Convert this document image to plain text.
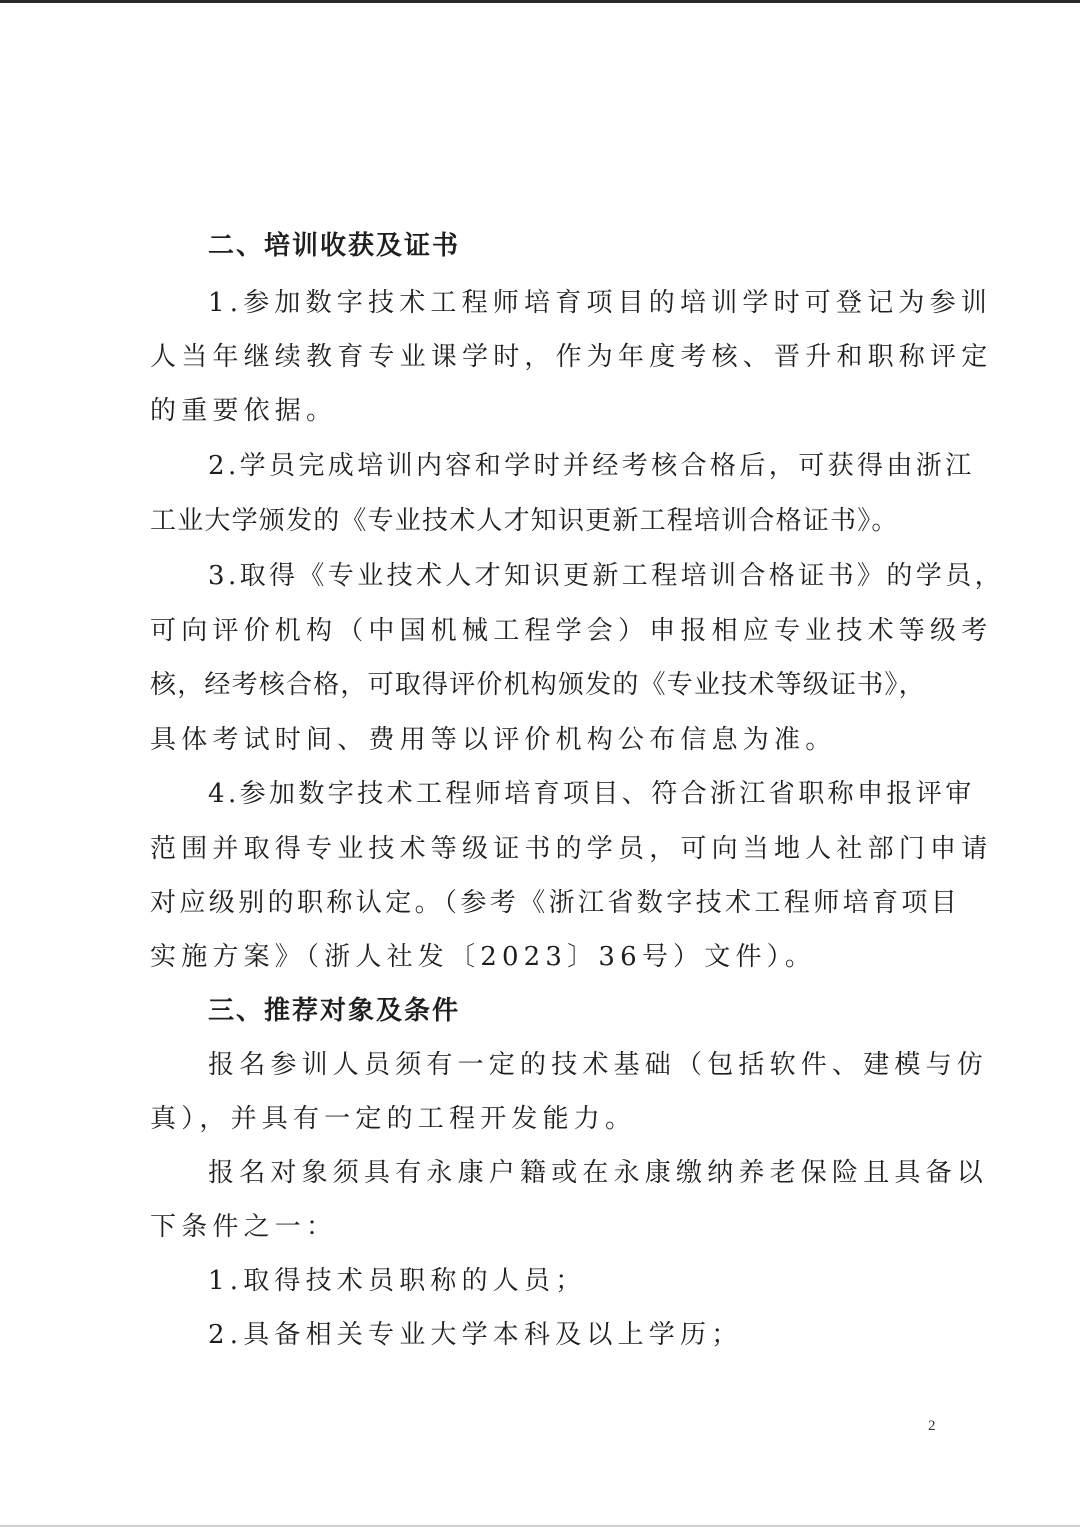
二、培训收获及证书
1.参加数字技术工程师培育项目的培训学时可登记为参训
人当年继续教育专业课学时，作为年度考核、晋升和职称评定
的重要依据。
2.学员完成培训内容和学时并经考核合格后，可获得由浙江
工业大学颁发的《专业技术人才知识更新工程培训合格证书》。
3.取得《专业技术人才知识更新工程培训合格证书》的学员，
可向评价机构（中国机械工程学会）申报相应专业技术等级考
核，经考核合格，可取得评价机构颁发的《专业技术等级证书》，
具体考试时间、费用等以评价机构公布信息为准。
4.参加数字技术工程师培育项目、符合浙江省职称申报评审
范围并取得专业技术等级证书的学员，可向当地人社部门申请
对应级别的职称认定。（参考《浙江省数字技术工程师培育项目
实施方案》（浙人社发〔2023〕36号）文件）。
三、推荐对象及条件
报名参训人员须有一定的技术基础（包括软件、建模与仿
真），并具有一定的工程开发能力。
报名对象须具有永康户籍或在永康缴纳养老保险且具备以
下条件之一：
1.取得技术员职称的人员；
2.具备相关专业大学本科及以上学历；
2
